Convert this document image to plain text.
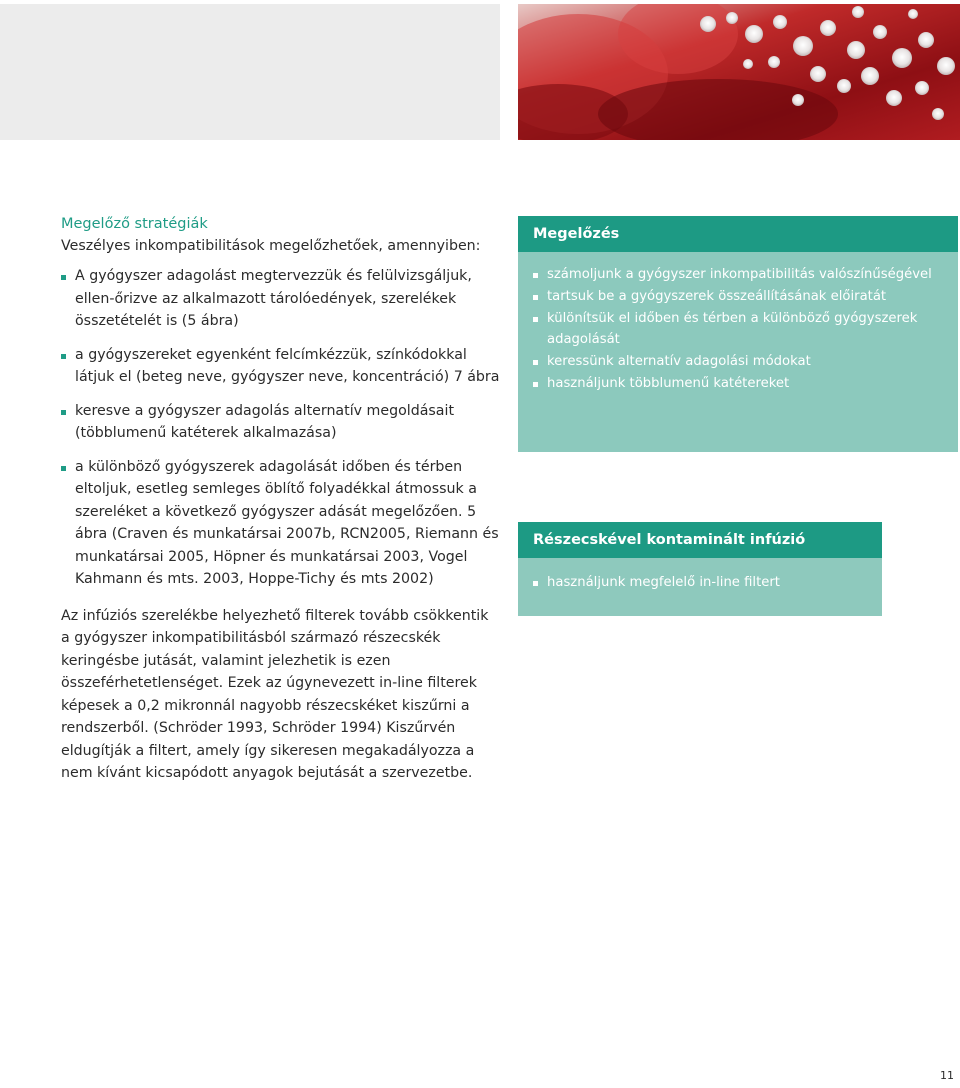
Megelőző stratégiák

Veszélyes inkompatibilitások megelőzhetőek, amennyiben:

A gyógyszer adagolást megtervezzük és felülvizsgáljuk, ellen-őrizve az alkalmazott tárolóedények, szerelékek összetételét is (5 ábra)
a gyógyszereket egyenként felcímkézzük, színkódokkal látjuk el (beteg neve, gyógyszer neve, koncentráció) 7 ábra
keresve a gyógyszer adagolás alternatív megoldásait (többlumenű katéterek alkalmazása)
a különböző gyógyszerek adagolását időben és térben eltoljuk, esetleg semleges öblítő folyadékkal átmossuk a szereléket a következő gyógyszer adását megelőzően. 5 ábra (Craven és munkatársai 2007b, RCN2005, Riemann és munkatársai 2005, Höpner és munkatársai 2003, Vogel Kahmann és mts. 2003, Hoppe-Tichy és mts 2002)

Az infúziós szerelékbe helyezhető filterek tovább csökkentik a gyógyszer inkompatibilitásból származó részecskék keringésbe jutását, valamint jelezhetik is ezen összeférhetetlenséget. Ezek az úgynevezett in-line filterek képesek a 0,2 mikronnál nagyobb részecskéket kiszűrni a rendszerből. (Schröder 1993, Schröder 1994) Kiszűrvén eldugítják a filtert, amely így sikeresen megakadályozza a nem kívánt kicsapódott anyagok bejutását a szervezetbe.

Megelőzés
számoljunk a gyógyszer inkompatibilitás valószínűségével
tartsuk be a gyógyszerek összeállításának előiratát
különítsük el időben és térben a különböző gyógyszerek adagolását
keressünk alternatív adagolási módokat
használjunk többlumenű katétereket
Részecskével kontaminált infúzió
használjunk megfelelő in-line filtert
11
